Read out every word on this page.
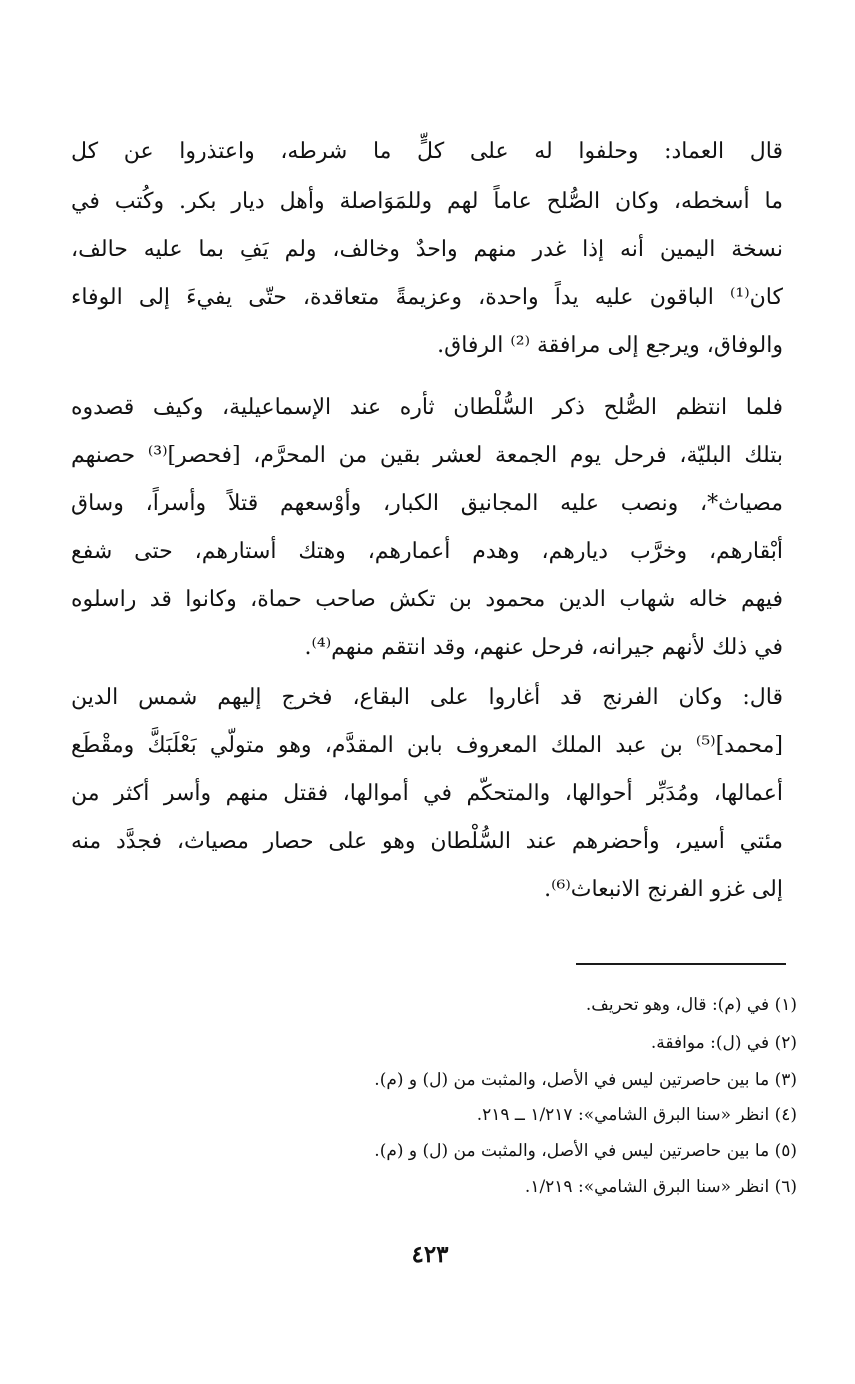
قال العماد: وحلفوا له على كلٍّ ما شرطه، واعتذروا عن كل
ما أسخطه، وكان الصُّلح عاماً لهم وللمَوَاصلة وأهل ديار بكر. وكُتب في
نسخة اليمين أنه إذا غدر منهم واحدٌ وخالف، ولم يَفِ بما عليه حالف،
كان⁽¹⁾ الباقون عليه يداً واحدة، وعزيمةً متعاقدة، حتّى يفيءَ إلى الوفاء
والوفاق، ويرجع إلى مرافقة ⁽²⁾ الرفاق.
فلما انتظم الصُّلح ذكر السُّلْطان ثأره عند الإسماعيلية، وكيف قصدوه
بتلك البليّة، فرحل يوم الجمعة لعشر بقين من المحرَّم، [فحصر]⁽³⁾ حصنهم
مصياث*، ونصب عليه المجانيق الكبار، وأوْسعهم قتلاً وأسراً، وساق
أبْقارهم، وخرَّب ديارهم، وهدم أعمارهم، وهتك أستارهم، حتى شفع
فيهم خاله شهاب الدين محمود بن تكش صاحب حماة، وكانوا قد راسلوه
في ذلك لأنهم جيرانه، فرحل عنهم، وقد انتقم منهم⁽⁴⁾.
قال: وكان الفرنج قد أغاروا على البقاع، فخرج إليهم شمس الدين
[محمد]⁽⁵⁾ بن عبد الملك المعروف بابن المقدَّم، وهو متولّي بَعْلَبَكَّ ومقْطَع
أعمالها، ومُدَبِّر أحوالها، والمتحكّم في أموالها، فقتل منهم وأسر أكثر من
مئتي أسير، وأحضرهم عند السُّلْطان وهو على حصار مصياث، فجدَّد منه
إلى غزو الفرنج الانبعاث⁽⁶⁾.
(١) في (م): قال، وهو تحريف.
(٢) في (ل): موافقة.
(٣) ما بين حاصرتين ليس في الأصل، والمثبت من (ل) و (م).
(٤) انظر «سنا البرق الشامي»: ١/٢١٧ ــ ٢١٩.
(٥) ما بين حاصرتين ليس في الأصل، والمثبت من (ل) و (م).
(٦) انظر «سنا البرق الشامي»: ١/٢١٩.
٤٢٣
